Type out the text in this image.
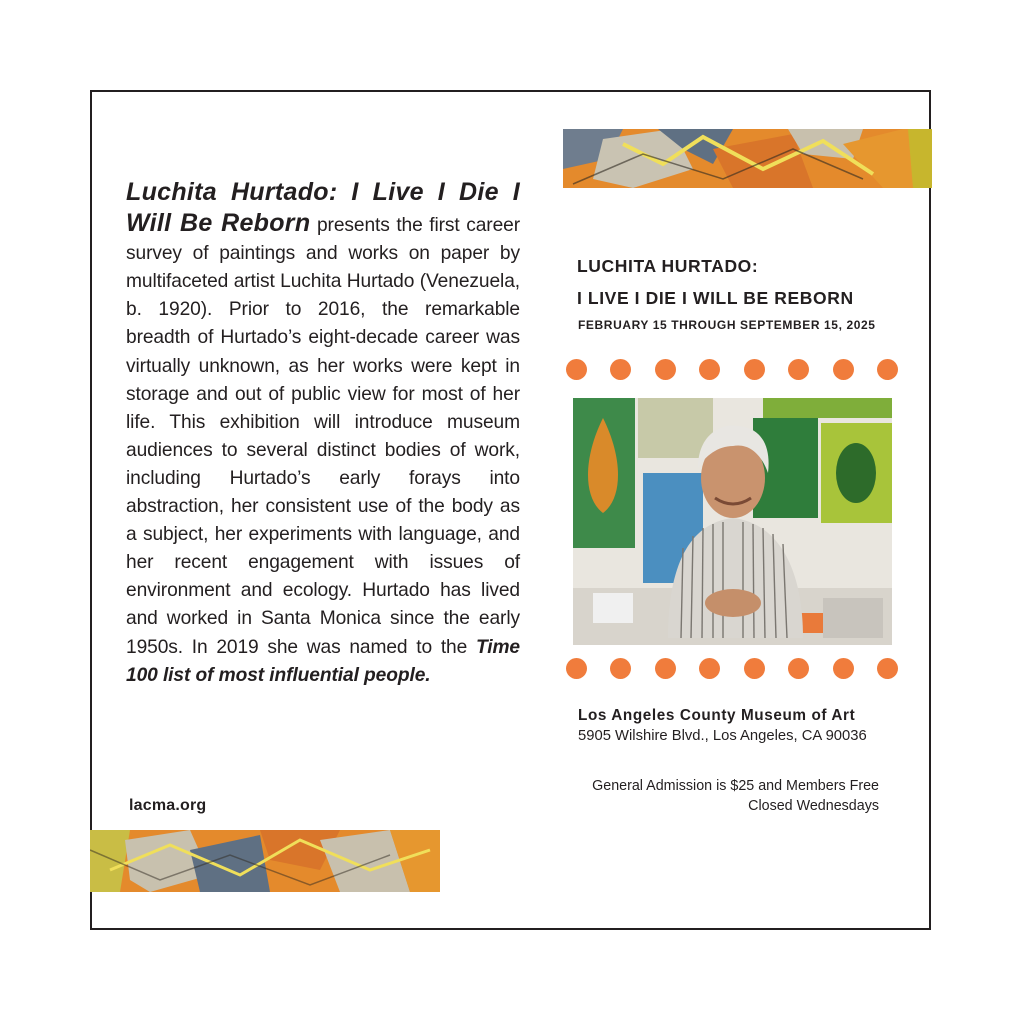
Luchita Hurtado: I Live I Die I Will Be Reborn presents the first career survey of paintings and works on paper by multifaceted artist Luchita Hurtado (Venezuela, b. 1920). Prior to 2016, the remarkable breadth of Hurtado’s eight-decade career was virtually unknown, as her works were kept in storage and out of public view for most of her life. This exhibition will introduce museum audiences to several distinct bodies of work, including Hurtado’s early forays into abstraction, her consistent use of the body as a subject, her experiments with language, and her recent engagement with issues of environment and ecology. Hurtado has lived and worked in Santa Monica since the early 1950s. In 2019 she was named to the Time 100 list of most influential people.
lacma.org
LUCHITA HURTADO:
I LIVE I DIE I WILL BE REBORN
FEBRUARY 15 THROUGH SEPTEMBER 15, 2025
Los Angeles County Museum of Art
5905 Wilshire Blvd., Los Angeles, CA 90036
General Admission is $25 and Members Free
Closed Wednesdays
